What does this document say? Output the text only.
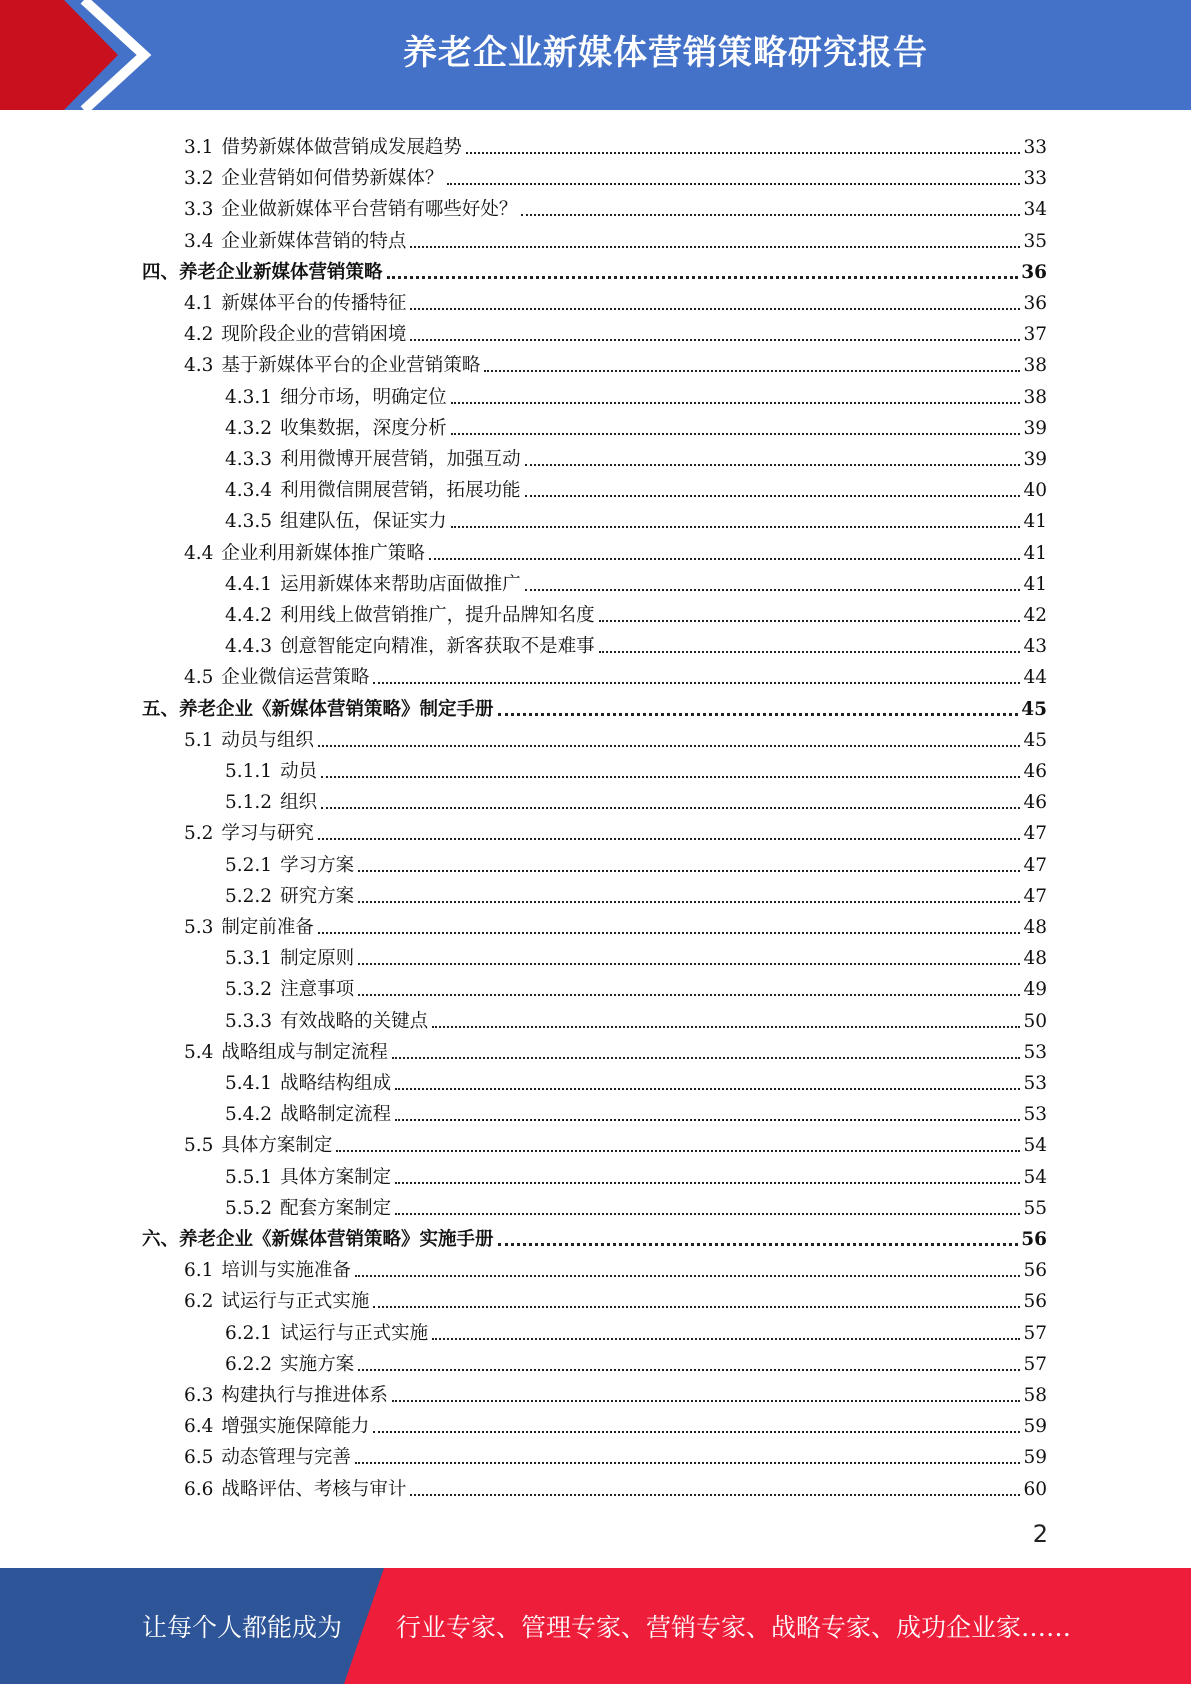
养老企业新媒体营销策略研究报告
3.1 借势新媒体做营销成发展趋势	33
3.2 企业营销如何借势新媒体？	33
3.3 企业做新媒体平台营销有哪些好处？	34
3.4 企业新媒体营销的特点	35
四、养老企业新媒体营销策略	36
4.1 新媒体平台的传播特征	36
4.2 现阶段企业的营销困境	37
4.3 基于新媒体平台的企业营销策略	38
4.3.1 细分市场，明确定位	38
4.3.2 收集数据，深度分析	39
4.3.3 利用微博开展营销，加强互动	39
4.3.4 利用微信開展营销，拓展功能	40
4.3.5 组建队伍，保证实力	41
4.4 企业利用新媒体推广策略	41
4.4.1 运用新媒体来帮助店面做推广	41
4.4.2 利用线上做营销推广，提升品牌知名度	42
4.4.3 创意智能定向精准，新客获取不是难事	43
4.5 企业微信运营策略	44
五、养老企业《新媒体营销策略》制定手册	45
5.1 动员与组织	45
5.1.1 动员	46
5.1.2 组织	46
5.2 学习与研究	47
5.2.1 学习方案	47
5.2.2 研究方案	47
5.3 制定前准备	48
5.3.1 制定原则	48
5.3.2 注意事项	49
5.3.3 有效战略的关键点	50
5.4 战略组成与制定流程	53
5.4.1 战略结构组成	53
5.4.2 战略制定流程	53
5.5 具体方案制定	54
5.5.1 具体方案制定	54
5.5.2 配套方案制定	55
六、养老企业《新媒体营销策略》实施手册	56
6.1 培训与实施准备	56
6.2 试运行与正式实施	56
6.2.1 试运行与正式实施	57
6.2.2 实施方案	57
6.3 构建执行与推进体系	58
6.4 增强实施保障能力	59
6.5 动态管理与完善	59
6.6 战略评估、考核与审计	60
2
让每个人都能成为 行业专家、管理专家、营销专家、战略专家、成功企业家……
